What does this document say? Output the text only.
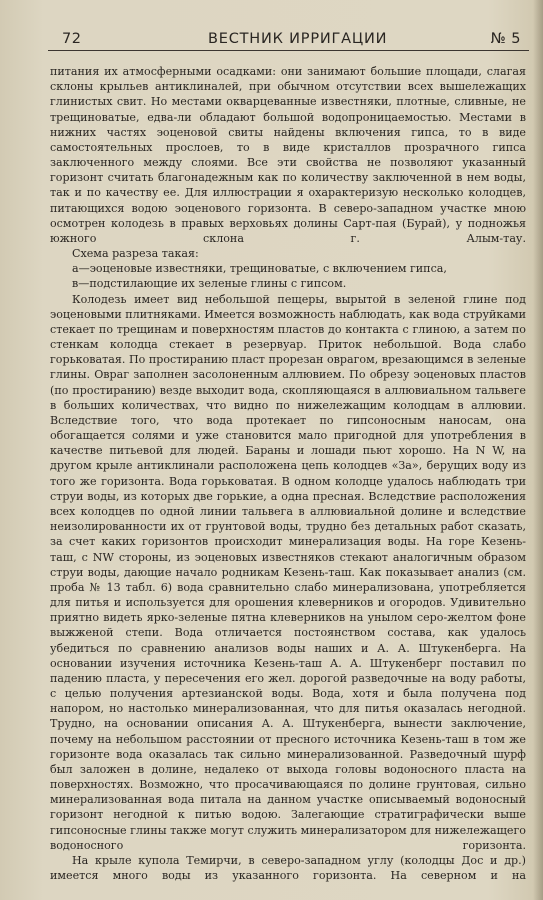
72	ВЕСТНИК ИРРИГАЦИИ	№ 5

питания их атмосферными осадками: они занимают большие площади, слагая склоны крыльев антиклиналей, при обычном отсутствии всех вышележащих глинистых свит. Но местами окварцеванные известняки, плотные, сливные, не трещиноватые, едва-ли обладают большой водопроницаемостью. Местами в нижних частях эоценовой свиты найдены включения гипса, то в виде самостоятельных прослоев, то в виде кристаллов прозрачного гипса заключенного между слоями. Все эти свойства не позволяют указанный горизонт считать благонадежным как по количеству заключенной в нем воды, так и по качеству ее. Для иллюстрации я охарактеризую несколько колодцев, питающихся водою эоценового горизонта. В северо-западном участке мною осмотрен колодезь в правых верховьях долины Сарт-пая (Бурай), у подножья южного склона г. Алым-тау.

Схема разреза такая:

а—эоценовые известняки, трещиноватые, с включением гипса,

в—подстилающие их зеленые глины с гипсом.

Колодезь имеет вид небольшой пещеры, вырытой в зеленой глине под эоценовыми плитняками. Имеется возможность наблюдать, как вода струйками стекает по трещинам и поверхностям пластов до контакта с глиною, а затем по стенкам колодца стекает в резервуар. Приток небольшой. Вода слабо горьковатая. По простиранию пласт прорезан оврагом, врезающимся в зеленые глины. Овраг заполнен засолоненным аллювием. По обрезу эоценовых пластов (по простиранию) везде выходит вода, скопляющаяся в аллювиальном тальвеге в больших количествах, что видно по нижележащим колодцам в аллювии. Вследствие того, что вода протекает по гипсоносным наносам, она обогащается солями и уже становится мало пригодной для употребления в качестве питьевой для людей. Бараны и лошади пьют хорошо. На N W, на другом крыле антиклинали расположена цепь колодцев «За», берущих воду из того же горизонта. Вода горьковатая. В одном колодце удалось наблюдать три струи воды, из которых две горькие, а одна пресная. Вследствие расположения всех колодцев по одной линии тальвега в аллювиальной долине и вследствие неизолированности их от грунтовой воды, трудно без детальных работ сказать, за счет каких горизонтов происходит минерализация воды. На горе Кезень-таш, с NW стороны, из эоценовых известняков стекают аналогичным образом струи воды, дающие начало родникам Кезень-таш. Как показывает анализ (см. проба № 13 табл. 6) вода сравнительно слабо минерализована, употребляется для питья и используется для орошения клеверников и огородов. Удивительно приятно видеть ярко-зеленые пятна клеверников на унылом серо-желтом фоне выжженой степи. Вода отличается постоянством состава, как удалось убедиться по сравнению анализов воды наших и А. А. Штукенберга. На основании изучения источника Кезень-таш А. А. Штукенберг поставил по падению пласта, у пересечения его жел. дорогой разведочные на воду работы, с целью получения артезианской воды. Вода, хотя и была получена под напором, но настолько минерализованная, что для питья оказалась негодной. Трудно, на основании описания А. А. Штукенберга, вынести заключение, почему на небольшом расстоянии от пресного источника Кезень-таш в том же горизонте вода оказалась так сильно минерализованной. Разведочный шурф был заложен в долине, недалеко от выхода головы водоносного пласта на поверхностях. Возможно, что просачивающаяся по долине грунтовая, сильно минерализованная вода питала на данном участке описываемый водоносный горизонт негодной к питью водою. Залегающие стратиграфически выше гипсоносные глины также могут служить минерализатором для нижележащего водоносного горизонта.

На крыле купола Темирчи, в северо-западном углу (колодцы Дос и др.) имеется много воды из указанного горизонта. На северном и на
